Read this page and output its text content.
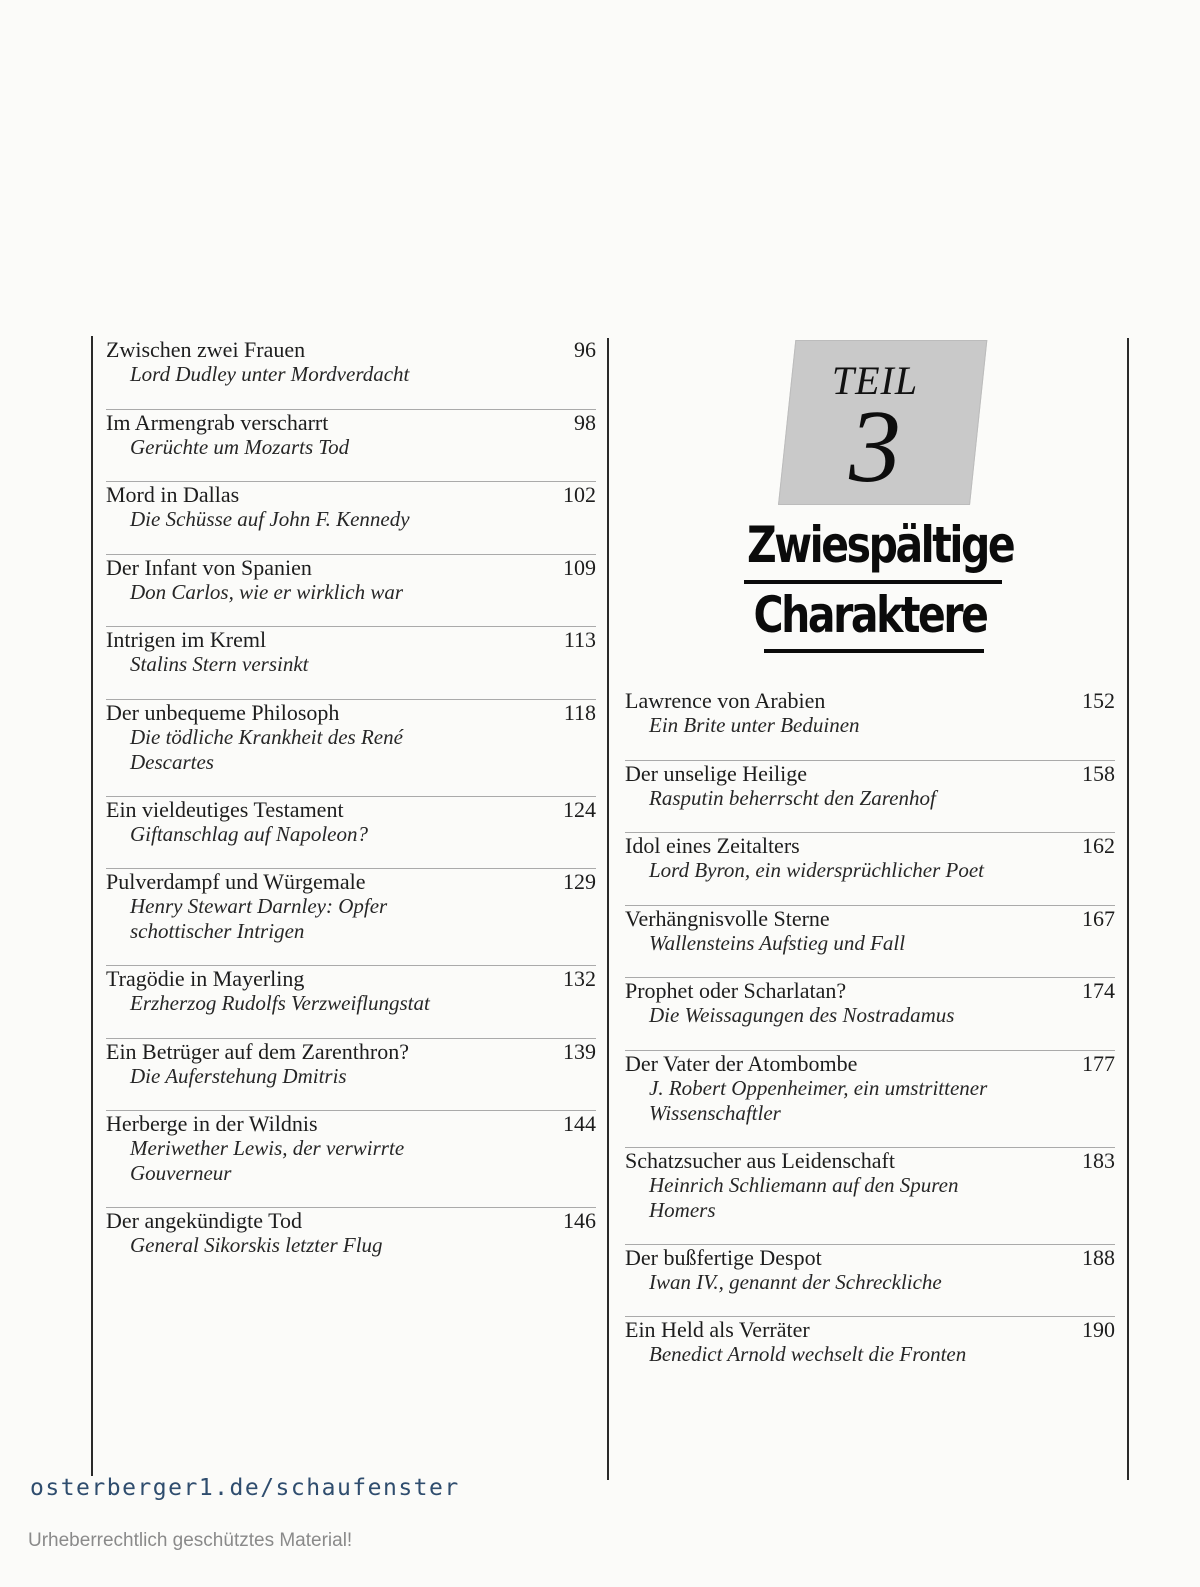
Zwischen zwei Frauen
Lord Dudley unter Mordverdacht
96
Im Armengrab verscharrt
Gerüchte um Mozarts Tod
98
Mord in Dallas
Die Schüsse auf John F. Kennedy
102
Der Infant von Spanien
Don Carlos, wie er wirklich war
109
Intrigen im Kreml
Stalins Stern versinkt
113
Der unbequeme Philosoph
Die tödliche Krankheit des René Descartes
118
Ein vieldeutiges Testament
Giftanschlag auf Napoleon?
124
Pulverdampf und Würgemale
Henry Stewart Darnley: Opfer schottischer Intrigen
129
Tragödie in Mayerling
Erzherzog Rudolfs Verzweiflungstat
132
Ein Betrüger auf dem Zarenthron?
Die Auferstehung Dmitris
139
Herberge in der Wildnis
Meriwether Lewis, der verwirrte Gouverneur
144
Der angekündigte Tod
General Sikorskis letzter Flug
146
TEIL
3
Zwiespältige
Charaktere
Lawrence von Arabien
Ein Brite unter Beduinen
152
Der unselige Heilige
Rasputin beherrscht den Zarenhof
158
Idol eines Zeitalters
Lord Byron, ein widersprüchlicher Poet
162
Verhängnisvolle Sterne
Wallensteins Aufstieg und Fall
167
Prophet oder Scharlatan?
Die Weissagungen des Nostradamus
174
Der Vater der Atombombe
J. Robert Oppenheimer, ein umstrittener Wissenschaftler
177
Schatzsucher aus Leidenschaft
Heinrich Schliemann auf den Spuren Homers
183
Der bußfertige Despot
Iwan IV., genannt der Schreckliche
188
Ein Held als Verräter
Benedict Arnold wechselt die Fronten
190
osterberger1.de/schaufenster
Urheberrechtlich geschütztes Material!
